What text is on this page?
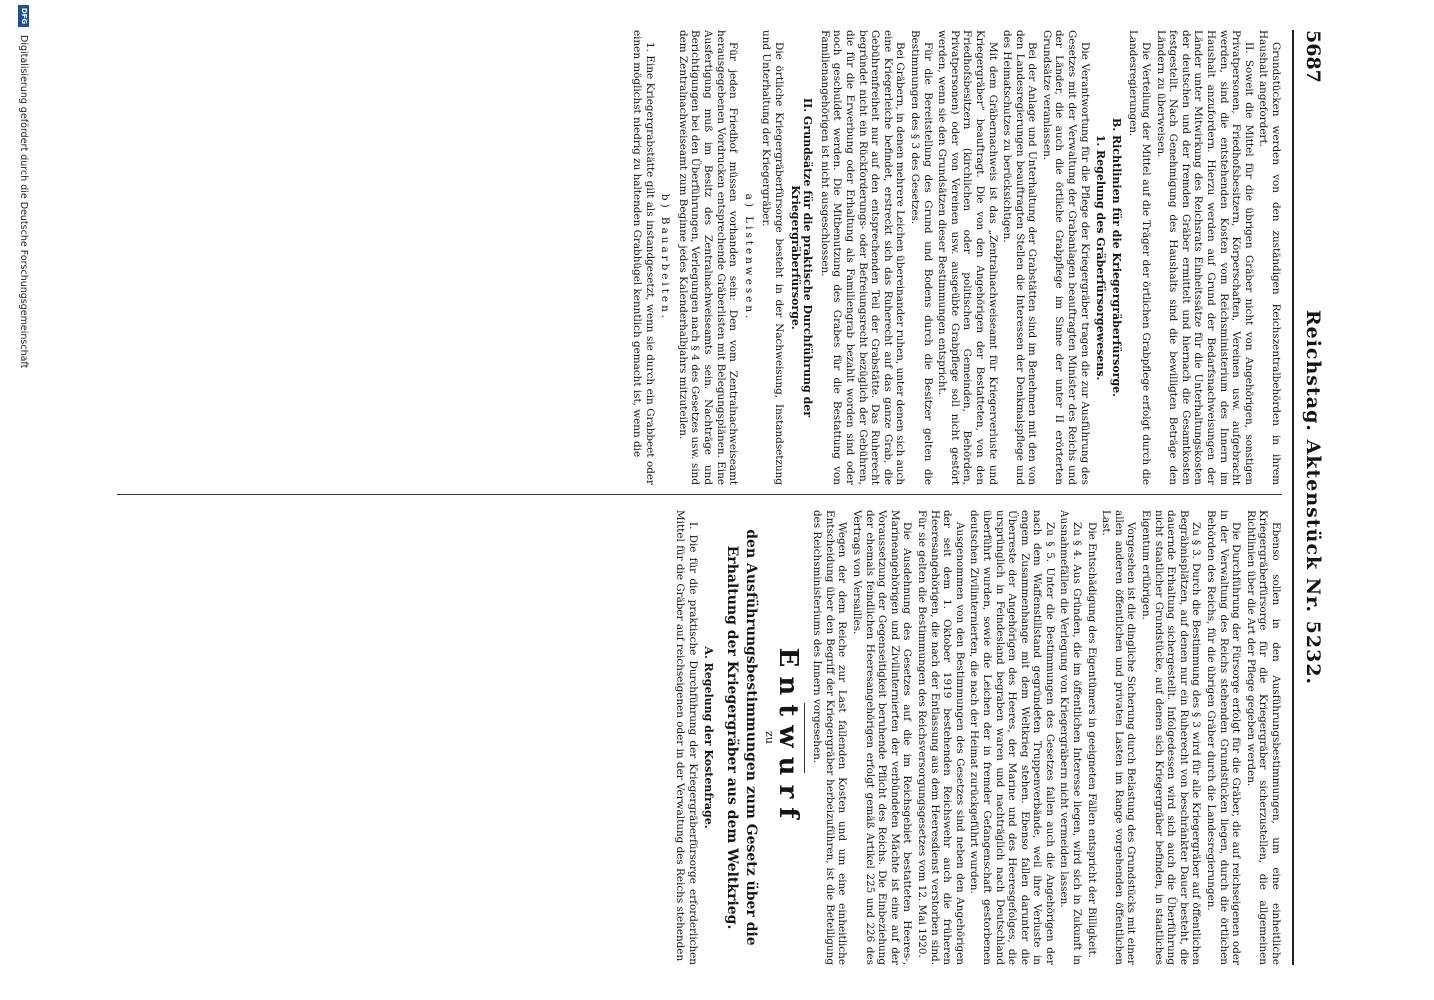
5687
Reichstag. Aktenstück Nr. 5232.

Grundstücken werden von den zuständigen Reichszentralbehörden in ihrem Haushalt angefordert.

II. Soweit die Mittel für die übrigen Gräber nicht von Angehörigen, sonstigen Privatpersonen, Friedhofsbesitzern, Körperschaften, Vereinen usw. aufgebracht werden, sind die entstehenden Kosten vom Reichsministerium des Innern im Haushalt anzufordern. Hierzu werden auf Grund der Bedarfsnachweisungen der Länder unter Mitwirkung des Reichsrats Einheitssätze für die Unterhaltungskosten der deutschen und der fremden Gräber ermittelt und hiernach die Gesamtkosten festgestellt. Nach Genehmigung des Haushalts sind die bewilligten Beträge den Ländern zu überweisen.

Die Verteilung der Mittel auf die Träger der örtlichen Grabpflege erfolgt durch die Landesregierungen.

B. Richtlinien für die Kriegergräberfürsorge.
1. Regelung des Gräberfürsorgewesens.

Die Verantwortung für die Pflege der Kriegergräber tragen die zur Ausführung des Gesetzes mit der Verwaltung der Grabanlagen beauftragten Minister des Reichs und der Länder, die auch die örtliche Grabpflege im Sinne der unter II erörterten Grundsätze veranlassen.

Bei der Anlage und Unterhaltung der Grabstätten sind im Benehmen mit den von den Landesregierungen beauftragten Stellen die Interessen der Denkmalspflege und des Heimatschutzes zu berücksichtigen.

Mit dem Gräbernachweis ist das „Zentralnachweiseamt für Kriegerverluste und Kriegergräber“ beauftragt. Die von den Angehörigen der Bestatteten, von den Friedhofsbesitzern (kirchlichen oder politischen Gemeinden, Behörden, Privatpersonen) oder von Vereinen usw. ausgeübte Grabpflege soll nicht gestört werden, wenn sie den Grundsätzen dieser Bestimmungen entspricht.

Für die Bereitstellung des Grund und Bodens durch die Besitzer gelten die Bestimmungen des § 3 des Gesetzes.

Bei Gräbern, in denen mehrere Leichen übereinander ruhen, unter denen sich auch eine Kriegerleiche befindet, erstreckt sich das Ruherecht auf das ganze Grab, die Gebührenfreiheit nur auf den entsprechenden Teil der Grabstätte. Das Ruherecht begründet nicht ein Rückforderungs- oder Befreiungsrecht bezüglich der Gebühren, die für die Erwerbung oder Erhaltung als Familiengrab bezahlt worden sind oder noch geschuldet werden. Die Mitbenutzung des Grabes für die Bestattung von Familienangehörigen ist nicht ausgeschlossen.

II. Grundsätze für die praktische Durchführung der Kriegergräberfürsorge.

Die örtliche Kriegergräberfürsorge besteht in der Nachweisung, Instandsetzung und Unterhaltung der Kriegergräber.

a) Listenwesen.

Für jeden Friedhof müssen vorhanden sein: Den vom Zentralnachweiseamt herausgegebenen Vordrucken entsprechende Gräberlisten mit Belegungsplänen. Eine Ausfertigung muß im Besitz des Zentralnachweiseamts sein. Nachträge und Berichtigungen bei den Überführungen, Verlegungen nach § 4 des Gesetzes usw. sind dem Zentralnachweiseamt zum Beginne jedes Kalenderhalbjahrs mitzuteilen.

b) Bauarbeiten.

1. Eine Kriegergrabstätte gilt als instandgesetzt, wenn sie durch ein Grabbeet oder einen möglichst niedrig zu haltenden Grabhügel kenntlich gemacht ist, wenn die

Ebenso sollen in den Ausführungsbestimmungen, um eine einheitliche Kriegergräberfürsorge für die Kriegergräber sicherzustellen, die allgemeinen Richtlinien über die Art der Pflege gegeben werden.

Die Durchführung der Fürsorge erfolgt für die Gräber, die auf reichseigenen oder in der Verwaltung des Reichs stehenden Grundstücken liegen, durch die örtlichen Behörden des Reichs, für die übrigen Gräber durch die Landesregierungen.

Zu § 3. Durch die Bestimmung des § 3 wird für alle Kriegergräber auf öffentlichen Begräbnisplätzen, auf denen nur ein Ruherecht von beschränkter Dauer besteht, die dauernde Erhaltung sichergestellt. Infolgedessen wird sich auch die Überführung nicht staatlicher Grundstücke, auf denen sich Kriegergräber befinden, in staatliches Eigentum erübrigen.

Vorgesehen ist die dingliche Sicherung durch Belastung des Grundstücks mit einer allen anderen öffentlichen und privaten Lasten im Range vorgehenden öffentlichen Last.

Die Entschädigung des Eigentümers in geeigneten Fällen entspricht der Billigkeit.

Zu § 4. Aus Gründen, die im öffentlichen Interesse liegen, wird sich in Zukunft in Ausnahmefällen die Verlegung von Kriegergräbern nicht vermeiden lassen.

Zu § 5. Unter die Bestimmungen des Gesetzes fallen auch die Angehörigen der nach dem Waffenstillstand gegründeten Truppenverbände, weil ihre Verluste in engem Zusammenhange mit dem Weltkrieg stehen. Ebenso fallen darunter die Überreste der Angehörigen des Heeres, der Marine und des Heeresgefolges, die ursprünglich in Feindesland begraben waren und nachträglich nach Deutschland überführt wurden, sowie die Leichen der in fremder Gefangenschaft gestorbenen deutschen Zivilinternierten, die nach der Heimat zurückgeführt wurden.

Ausgenommen von den Bestimmungen des Gesetzes sind neben den Angehörigen der seit dem 1. Oktober 1919 bestehenden Reichswehr auch die früheren Heeresangehörigen, die nach der Entlassung aus dem Heeresdienst verstorben sind. Für sie gelten die Bestimmungen des Reichsversorgungsgesetzes vom 12. Mai 1920.

Die Ausdehnung des Gesetzes auf die im Reichsgebiet bestatteten Heeres-, Marineangehörigen und Zivilinternierten der verbündeten Mächte ist eine auf der Voraussetzung der Gegenseitigkeit beruhende Pflicht des Reichs. Die Einbeziehung der ehemals feindlichen Heeresangehörigen erfolgt gemäß Artikel 225 und 226 des Vertrags von Versailles.

Wegen der dem Reiche zur Last fallenden Kosten und um eine einheitliche Entscheidung über den Begriff der Kriegergräber herbeizuführen, ist die Beteiligung des Reichsministeriums des Innern vorgesehen.

Entwurf
zu
den Ausführungsbestimmungen zum Gesetz über die Erhaltung der Kriegergräber aus dem Weltkrieg.
A. Regelung der Kostenfrage.

I. Die für die praktische Durchführung der Kriegergräberfürsorge erforderlichen Mittel für die Gräber auf reichseigenen oder in der Verwaltung des Reichs stehenden

DFG Digitalisierung gefördert durch die Deutsche Forschungsgemeinschaft
